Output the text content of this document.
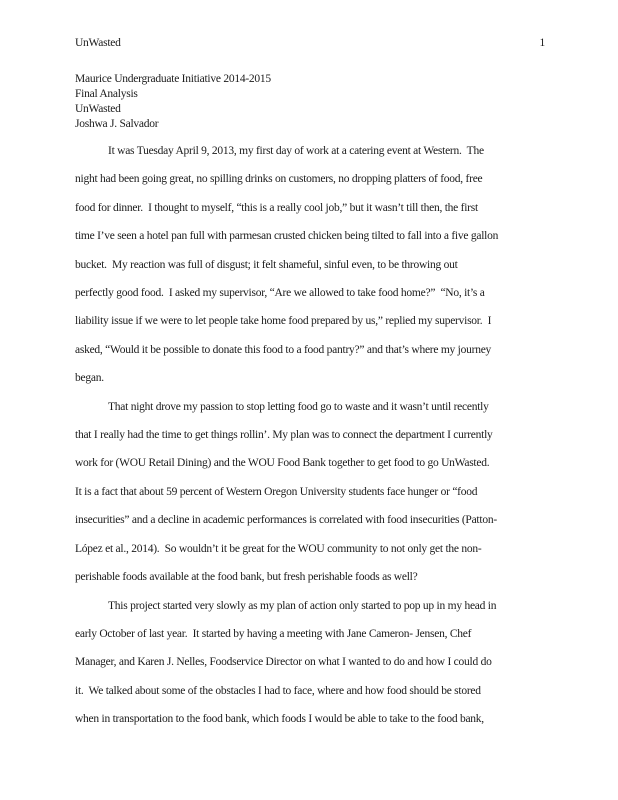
UnWasted	1
Maurice Undergraduate Initiative 2014-2015
Final Analysis
UnWasted
Joshwa J. Salvador
It was Tuesday April 9, 2013, my first day of work at a catering event at Western.  The
night had been going great, no spilling drinks on customers, no dropping platters of food, free
food for dinner.  I thought to myself, “this is a really cool job,” but it wasn’t till then, the first
time I’ve seen a hotel pan full with parmesan crusted chicken being tilted to fall into a five gallon
bucket.  My reaction was full of disgust; it felt shameful, sinful even, to be throwing out
perfectly good food.  I asked my supervisor, “Are we allowed to take food home?”  “No, it’s a
liability issue if we were to let people take home food prepared by us,” replied my supervisor.  I
asked, “Would it be possible to donate this food to a food pantry?” and that’s where my journey
began.
That night drove my passion to stop letting food go to waste and it wasn’t until recently
that I really had the time to get things rollin’. My plan was to connect the department I currently
work for (WOU Retail Dining) and the WOU Food Bank together to get food to go UnWasted.
It is a fact that about 59 percent of Western Oregon University students face hunger or “food
insecurities” and a decline in academic performances is correlated with food insecurities (Patton-
López et al., 2014).  So wouldn’t it be great for the WOU community to not only get the non-
perishable foods available at the food bank, but fresh perishable foods as well?
This project started very slowly as my plan of action only started to pop up in my head in
early October of last year.  It started by having a meeting with Jane Cameron- Jensen, Chef
Manager, and Karen J. Nelles, Foodservice Director on what I wanted to do and how I could do
it.  We talked about some of the obstacles I had to face, where and how food should be stored
when in transportation to the food bank, which foods I would be able to take to the food bank,
